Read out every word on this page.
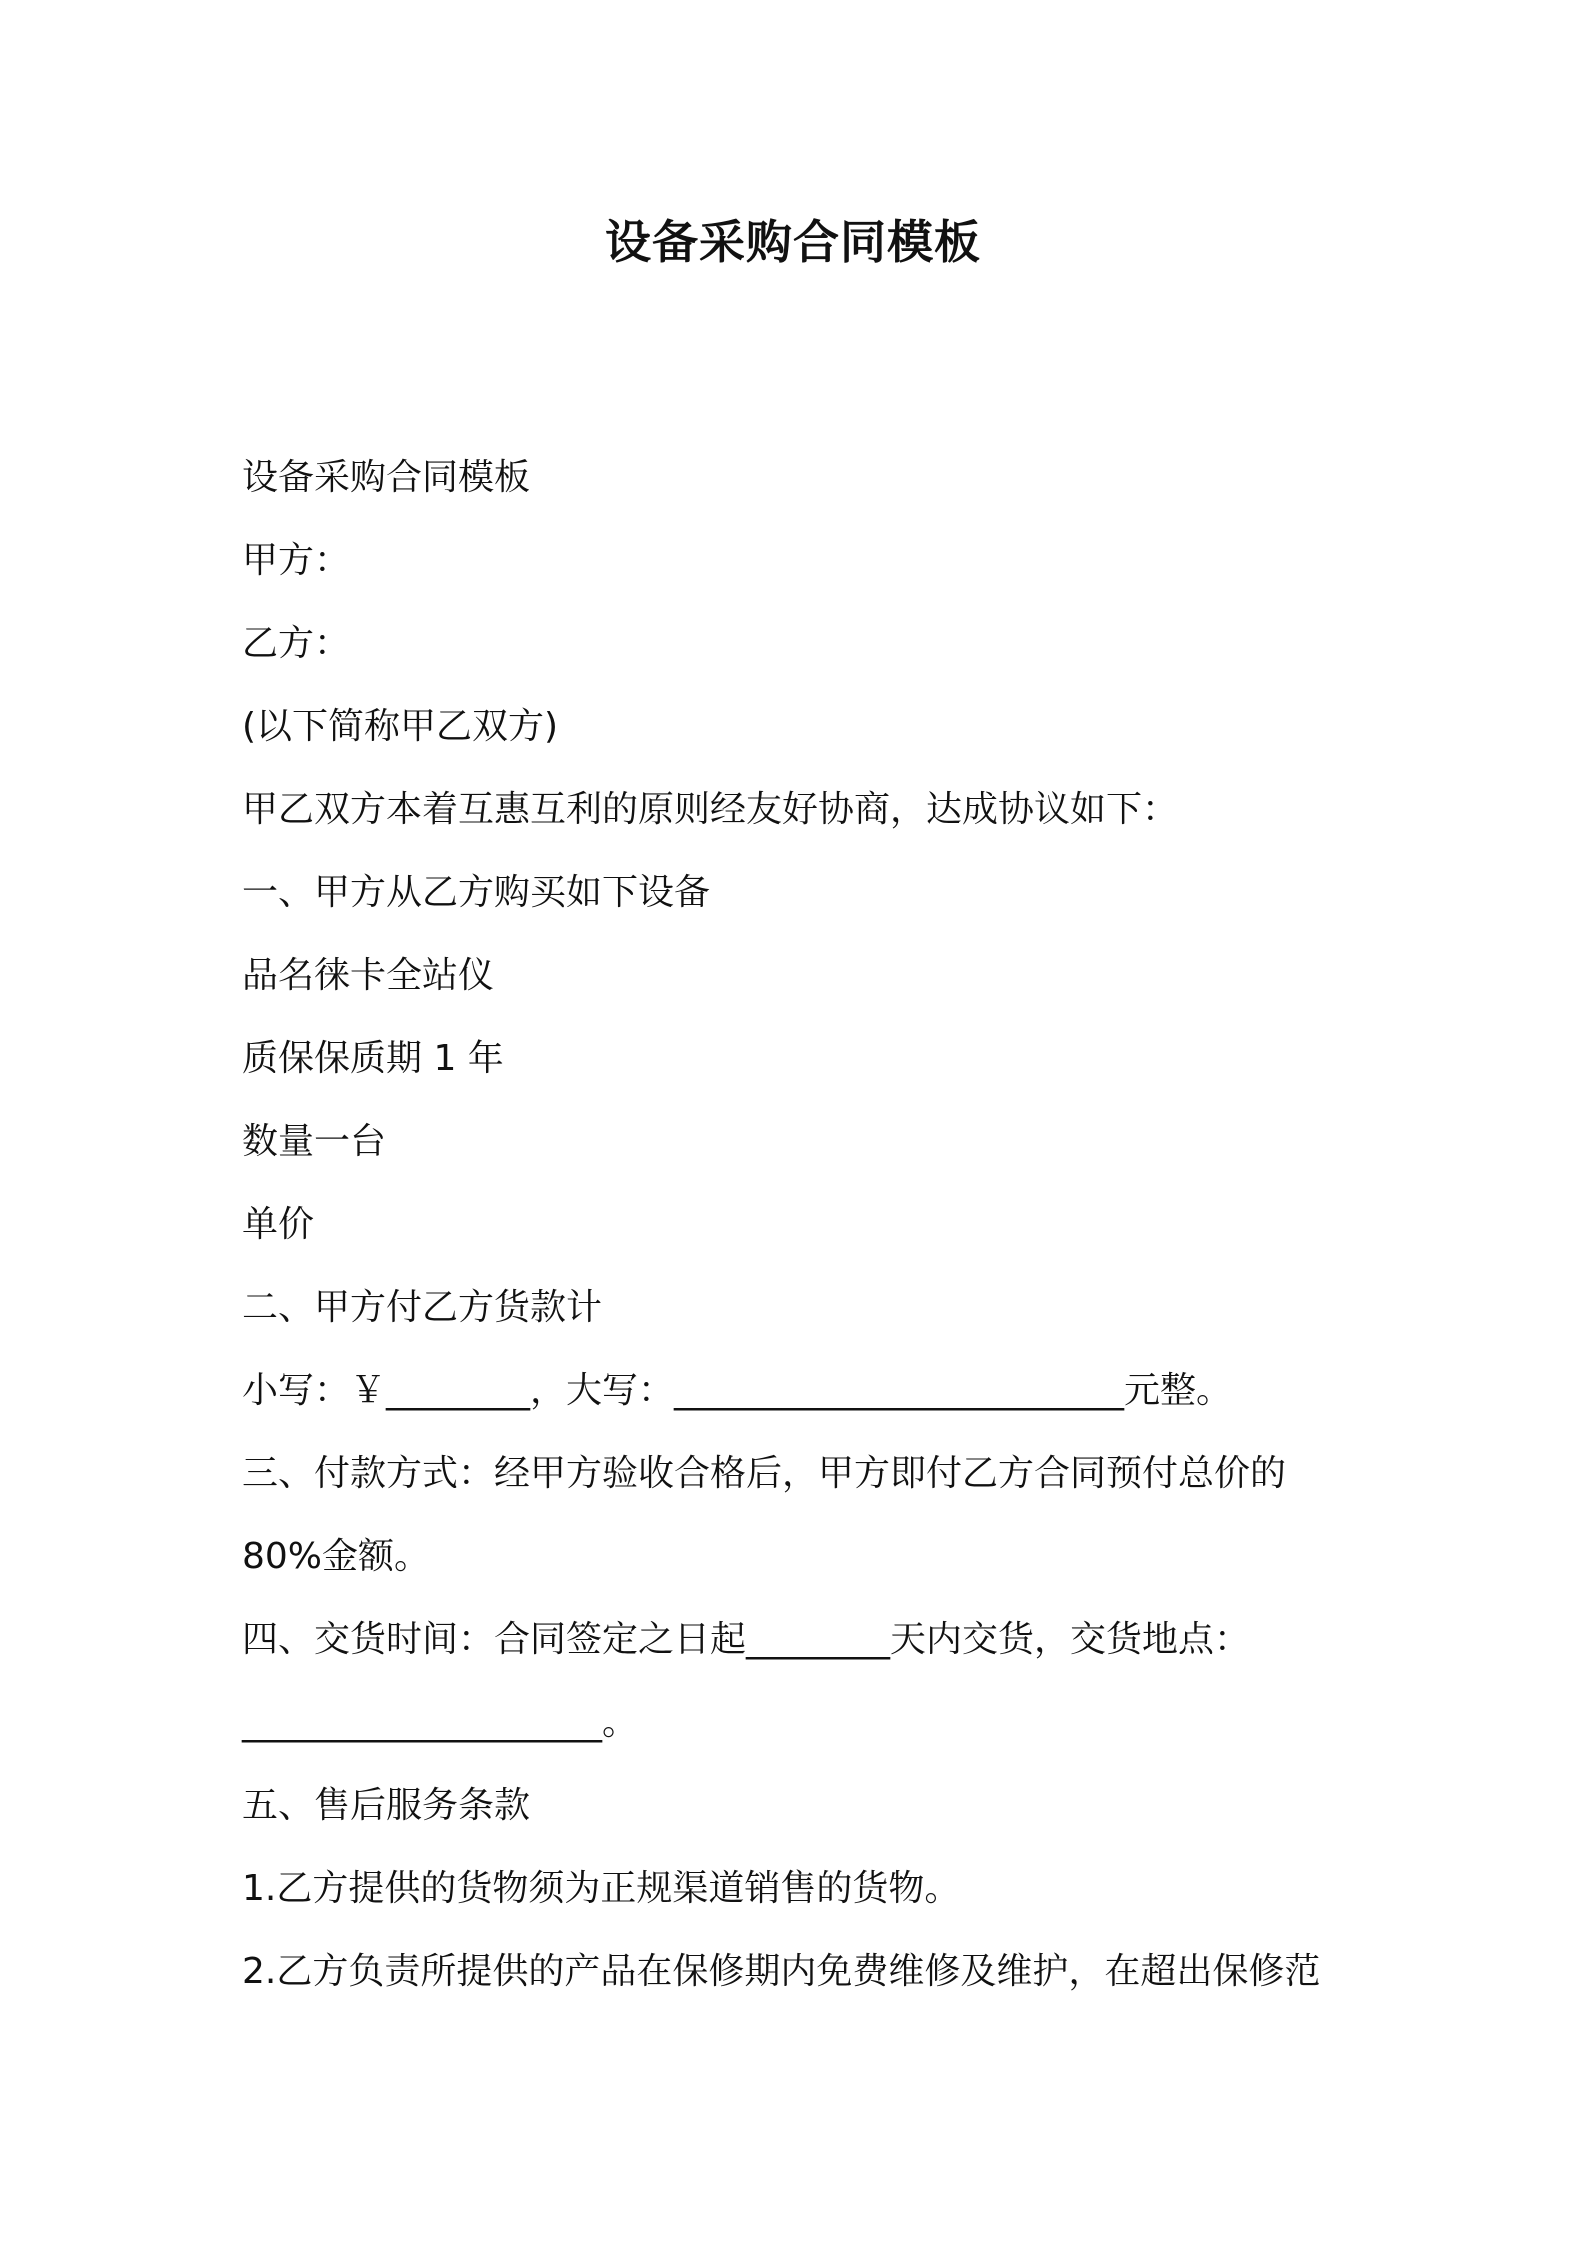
设备采购合同模板
设备采购合同模板
甲方：
乙方：
(以下简称甲乙双方)
甲乙双方本着互惠互利的原则经友好协商，达成协议如下：
一、甲方从乙方购买如下设备
品名徕卡全站仪
质保保质期 1 年
数量一台
单价
二、甲方付乙方货款计
小写：￥________，大写：_________________________元整。
三、付款方式：经甲方验收合格后，甲方即付乙方合同预付总价的
80%金额。
四、交货时间：合同签定之日起________天内交货，交货地点：
____________________。
五、售后服务条款
1.乙方提供的货物须为正规渠道销售的货物。
2.乙方负责所提供的产品在保修期内免费维修及维护，在超出保修范
